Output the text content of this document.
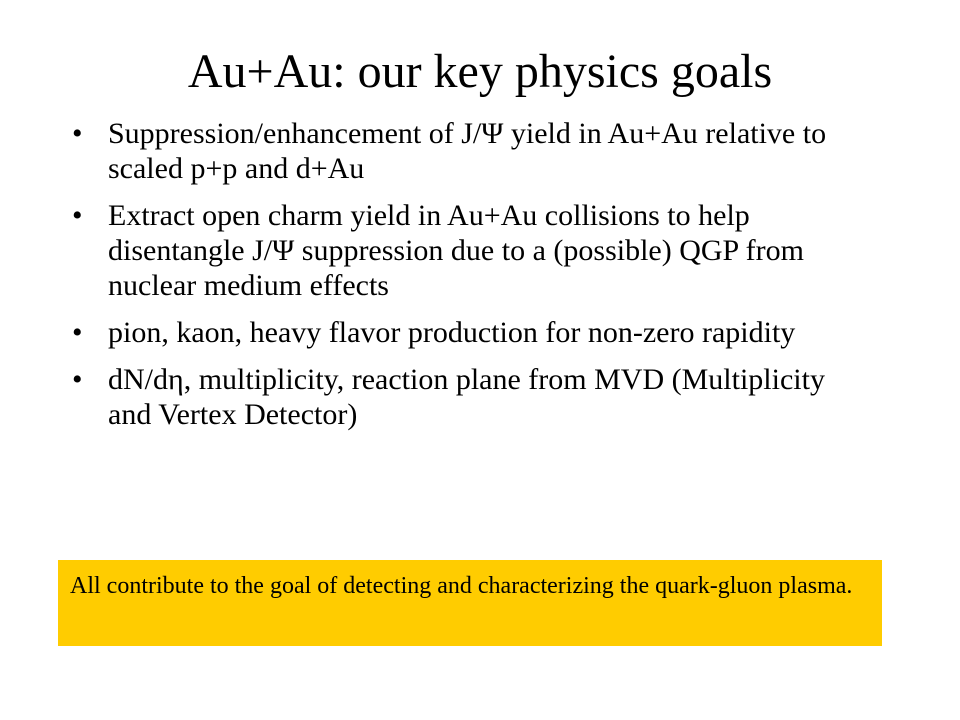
Au+Au: our key physics goals
• Suppression/enhancement of J/Ψ yield in Au+Au relative to scaled p+p and d+Au
• Extract open charm yield in Au+Au collisions to help disentangle J/Ψ suppression due to a (possible) QGP from nuclear medium effects
• pion, kaon, heavy flavor production for non-zero rapidity
• dN/dη, multiplicity, reaction plane from MVD (Multiplicity and Vertex Detector)
All contribute to the goal of detecting and characterizing the quark-gluon plasma.
